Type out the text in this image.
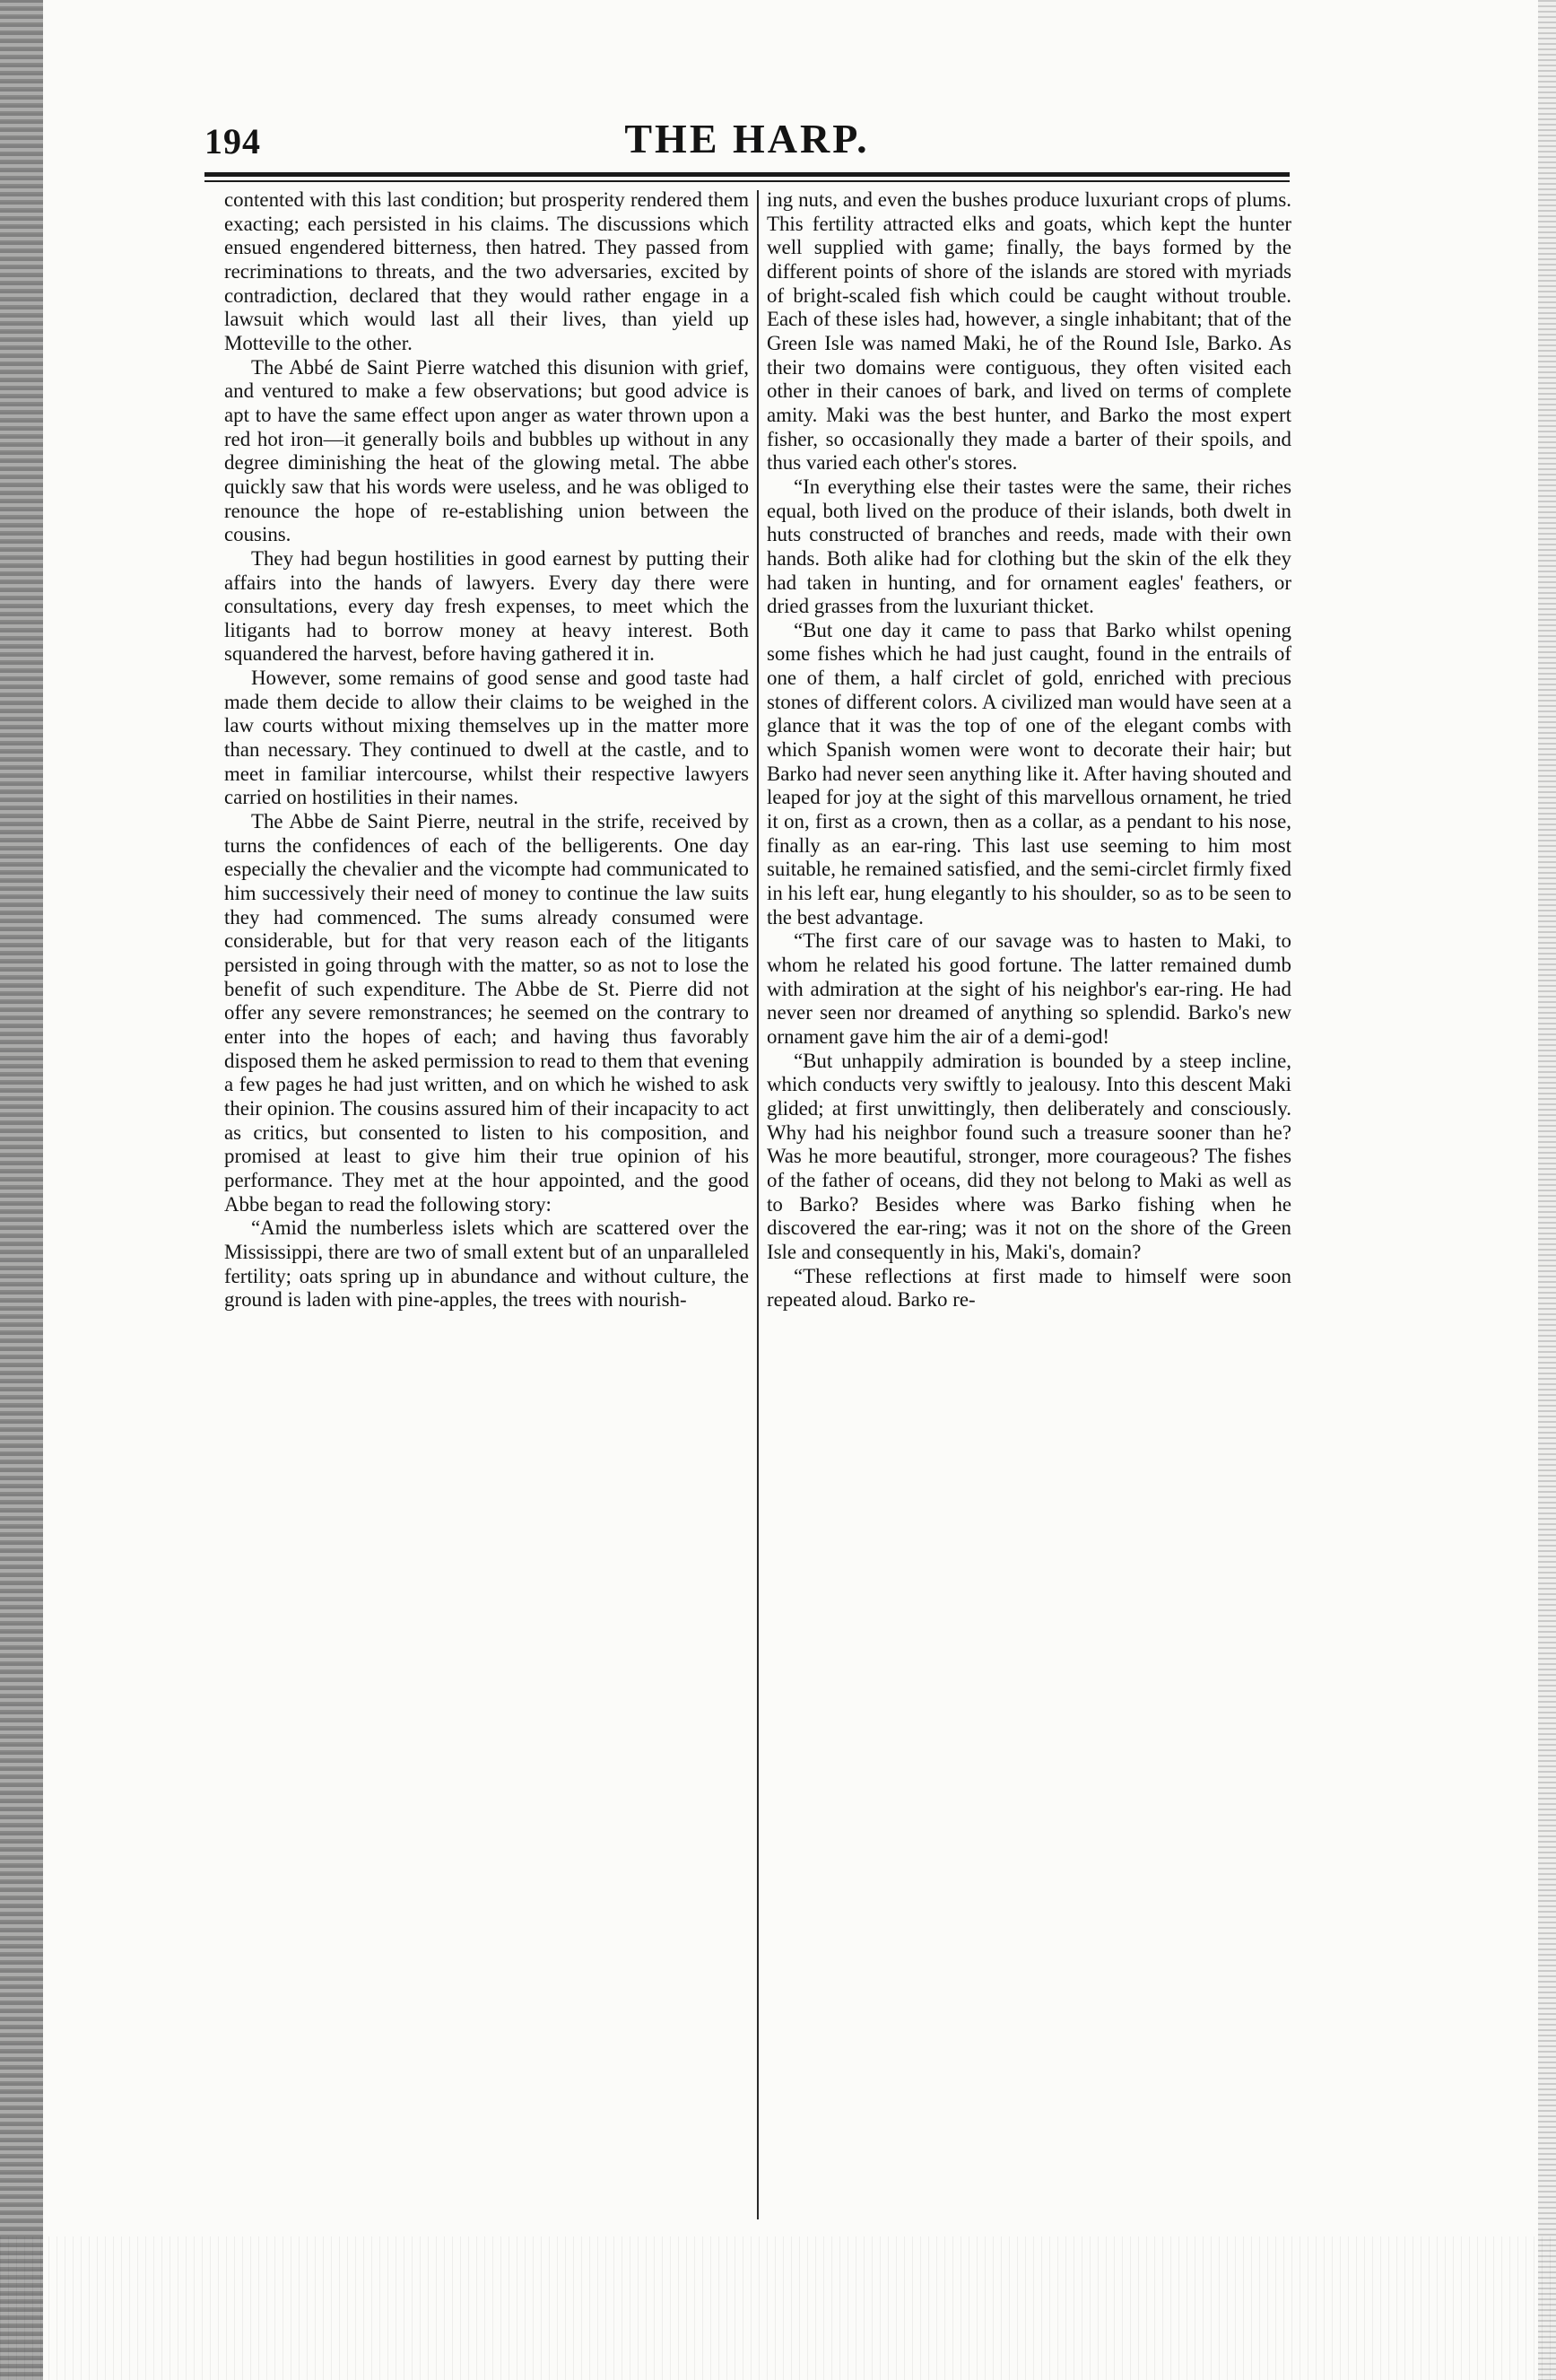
194	THE HARP.

contented with this last condition; but prosperity rendered them exacting; each persisted in his claims. The discussions which ensued engendered bitterness, then hatred. They passed from recriminations to threats, and the two adversaries, excited by contradiction, declared that they would rather engage in a lawsuit which would last all their lives, than yield up Motteville to the other.

The Abbé de Saint Pierre watched this disunion with grief, and ventured to make a few observations; but good advice is apt to have the same effect upon anger as water thrown upon a red hot iron—it generally boils and bubbles up without in any degree diminishing the heat of the glowing metal. The abbe quickly saw that his words were useless, and he was obliged to renounce the hope of re-establishing union between the cousins.

They had begun hostilities in good earnest by putting their affairs into the hands of lawyers. Every day there were consultations, every day fresh expenses, to meet which the litigants had to borrow money at heavy interest. Both squandered the harvest, before having gathered it in.

However, some remains of good sense and good taste had made them decide to allow their claims to be weighed in the law courts without mixing themselves up in the matter more than necessary. They continued to dwell at the castle, and to meet in familiar intercourse, whilst their respective lawyers carried on hostilities in their names.

The Abbe de Saint Pierre, neutral in the strife, received by turns the confidences of each of the belligerents. One day especially the chevalier and the vicompte had communicated to him successively their need of money to continue the law suits they had commenced. The sums already consumed were considerable, but for that very reason each of the litigants persisted in going through with the matter, so as not to lose the benefit of such expenditure. The Abbe de St. Pierre did not offer any severe remonstrances; he seemed on the contrary to enter into the hopes of each; and having thus favorably disposed them he asked permission to read to them that evening a few pages he had just written, and on which he wished to ask their opinion. The cousins assured him of their incapacity to act as critics, but consented to listen to his composition, and promised at least to give him their true opinion of his performance. They met at the hour appointed, and the good Abbe began to read the following story:

“Amid the numberless islets which are scattered over the Mississippi, there are two of small extent but of an unparalleled fertility; oats spring up in abundance and without culture, the ground is laden with pine-apples, the trees with nourish-

ing nuts, and even the bushes produce luxuriant crops of plums. This fertility attracted elks and goats, which kept the hunter well supplied with game; finally, the bays formed by the different points of shore of the islands are stored with myriads of bright-scaled fish which could be caught without trouble. Each of these isles had, however, a single inhabitant; that of the Green Isle was named Maki, he of the Round Isle, Barko. As their two domains were contiguous, they often visited each other in their canoes of bark, and lived on terms of complete amity. Maki was the best hunter, and Barko the most expert fisher, so occasionally they made a barter of their spoils, and thus varied each other's stores.

“In everything else their tastes were the same, their riches equal, both lived on the produce of their islands, both dwelt in huts constructed of branches and reeds, made with their own hands. Both alike had for clothing but the skin of the elk they had taken in hunting, and for ornament eagles' feathers, or dried grasses from the luxuriant thicket.

“But one day it came to pass that Barko whilst opening some fishes which he had just caught, found in the entrails of one of them, a half circlet of gold, enriched with precious stones of different colors. A civilized man would have seen at a glance that it was the top of one of the elegant combs with which Spanish women were wont to decorate their hair; but Barko had never seen anything like it. After having shouted and leaped for joy at the sight of this marvellous ornament, he tried it on, first as a crown, then as a collar, as a pendant to his nose, finally as an ear-ring. This last use seeming to him most suitable, he remained satisfied, and the semi-circlet firmly fixed in his left ear, hung elegantly to his shoulder, so as to be seen to the best advantage.

“The first care of our savage was to hasten to Maki, to whom he related his good fortune. The latter remained dumb with admiration at the sight of his neighbor's ear-ring. He had never seen nor dreamed of anything so splendid. Barko's new ornament gave him the air of a demi-god!

“But unhappily admiration is bounded by a steep incline, which conducts very swiftly to jealousy. Into this descent Maki glided; at first unwittingly, then deliberately and consciously. Why had his neighbor found such a treasure sooner than he? Was he more beautiful, stronger, more courageous? The fishes of the father of oceans, did they not belong to Maki as well as to Barko? Besides where was Barko fishing when he discovered the ear-ring; was it not on the shore of the Green Isle and consequently in his, Maki's, domain?

“These reflections at first made to himself were soon repeated aloud. Barko re-
